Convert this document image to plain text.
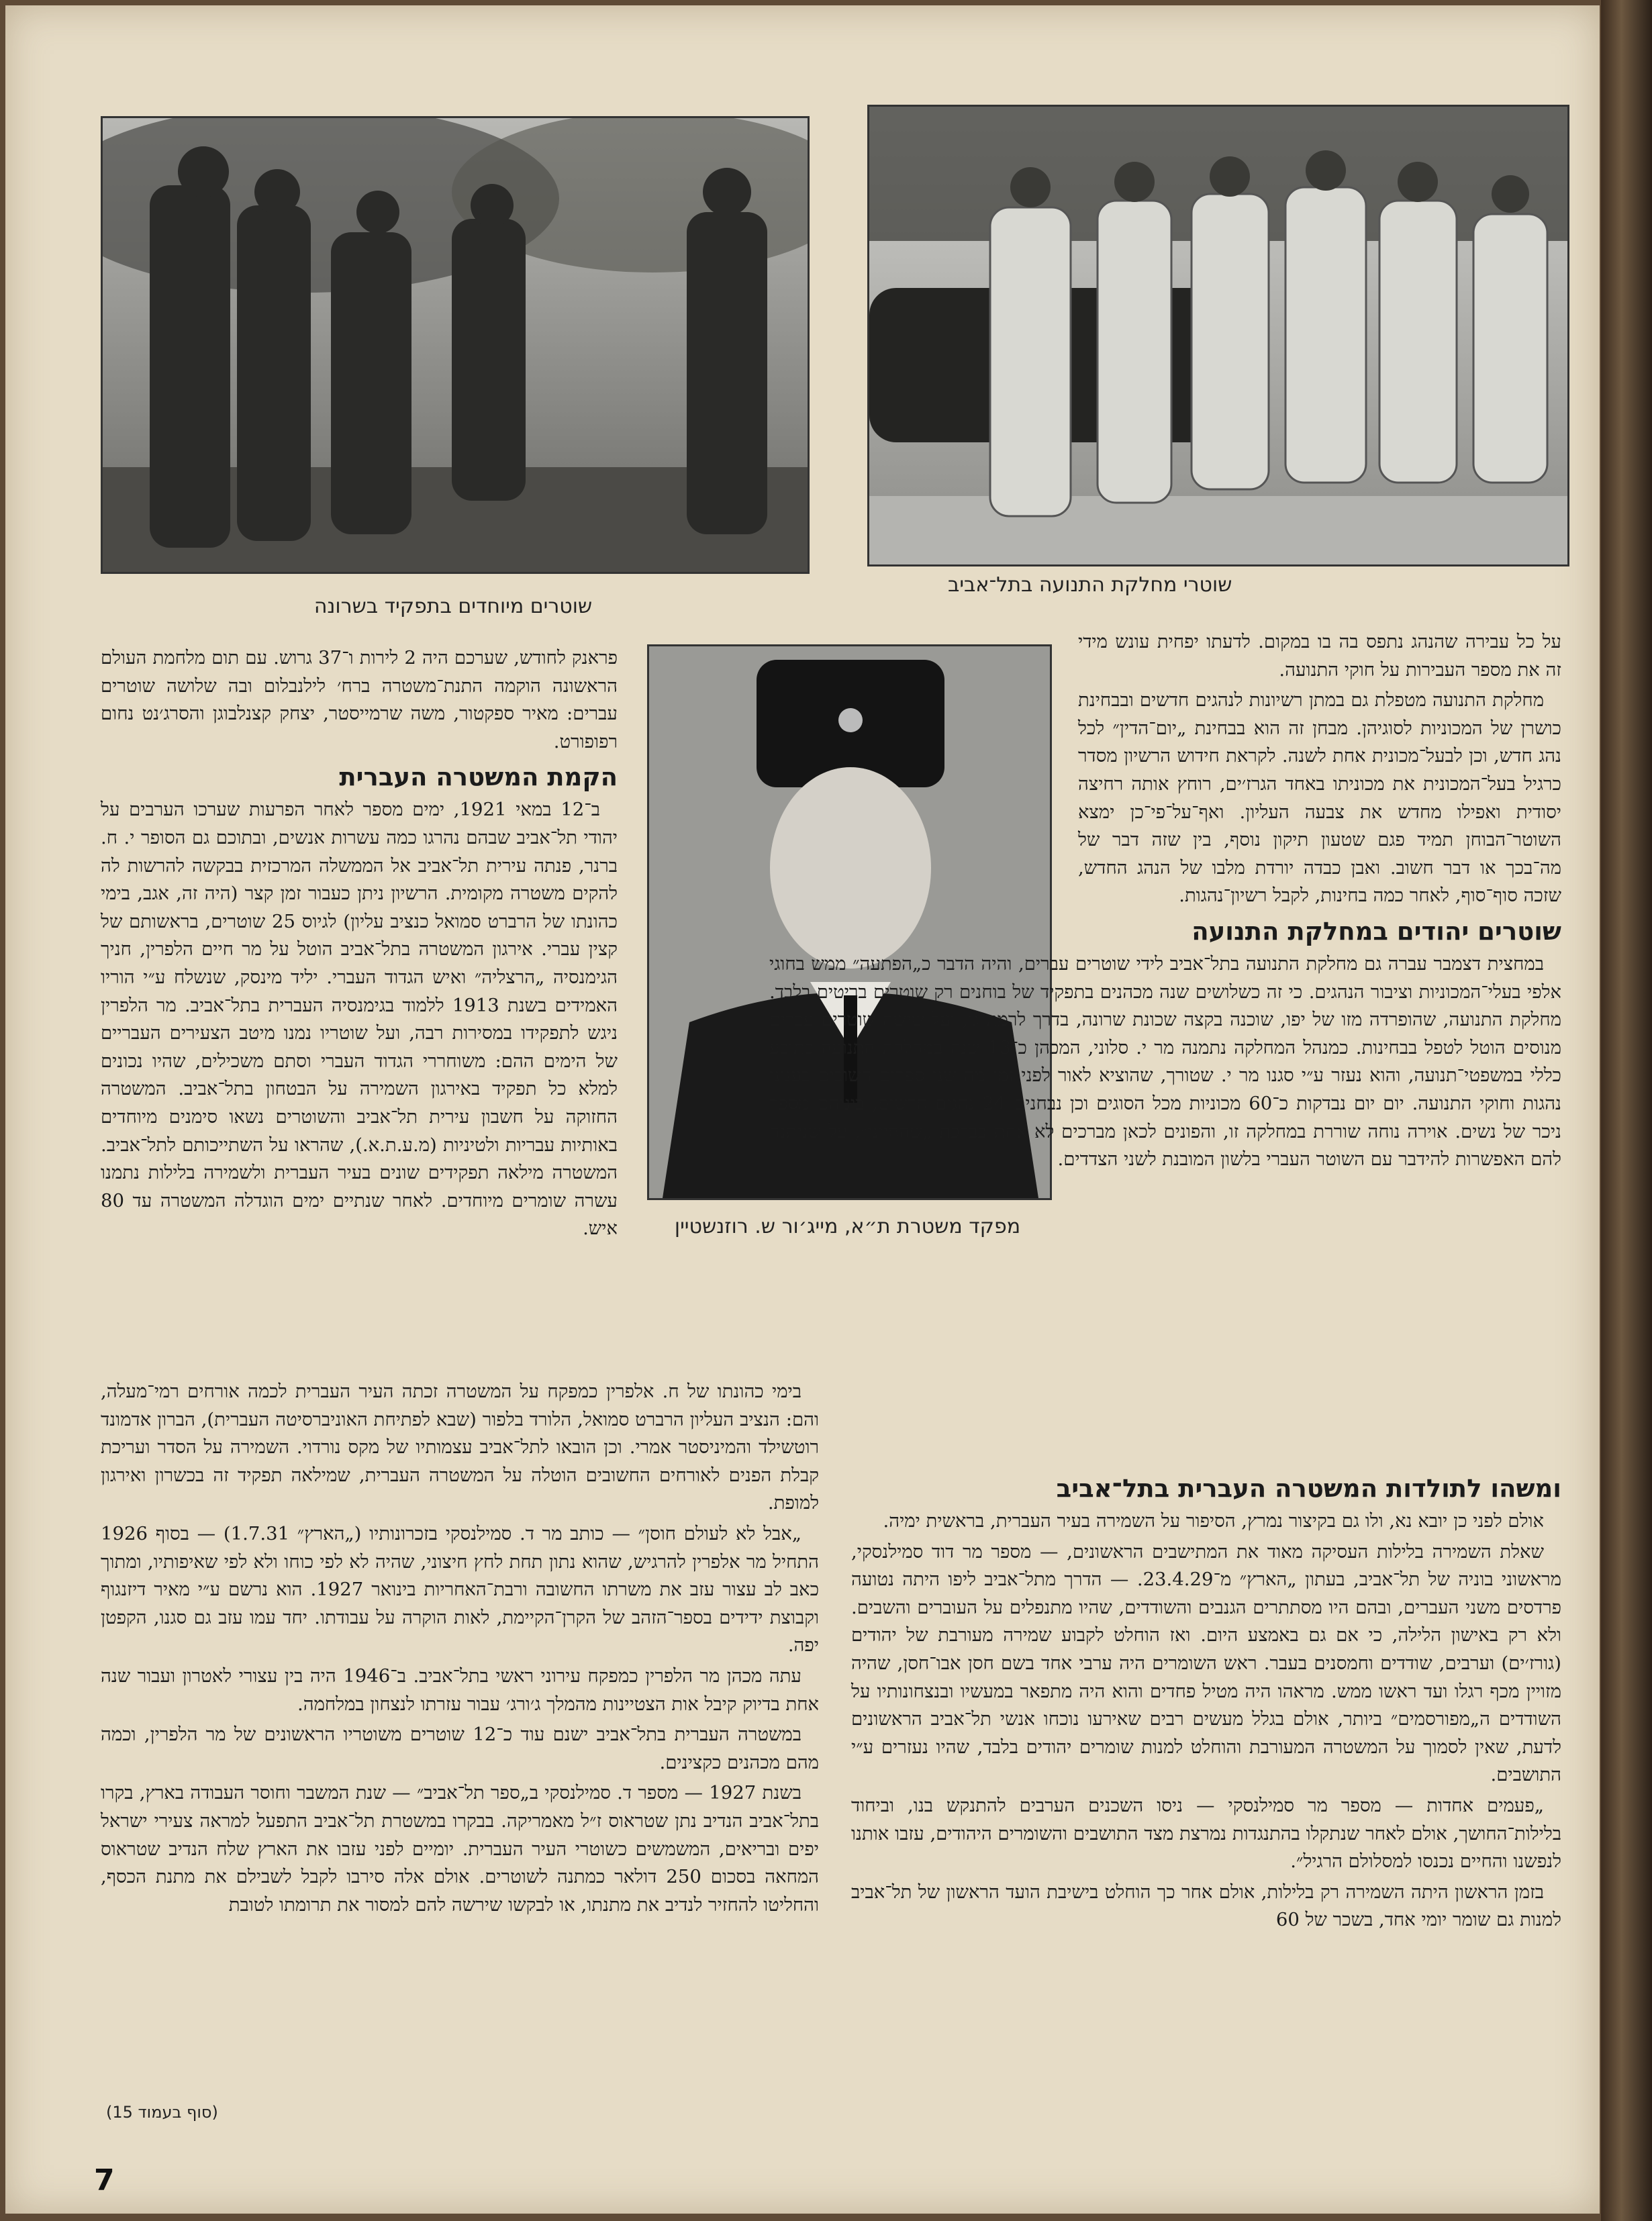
שוטרים מיוחדים בתפקיד בשרונה
שוטרי מחלקת התנועה בתל־אביב
מפקד משטרת ת״א, מייג׳ור ש. רוזנשטיין

על כל עבירה שהנהג נתפס בה בו במקום. לדעתו יפחית עונש מידי זה את מספר העבירות על חוקי התנועה.

מחלקת התנועה מטפלת גם במתן רשיונות לנהגים חדשים ובבחינת כושרן של המכוניות לסוגיהן. מבחן זה הוא בבחינת „יום־הדין״ לכל נהג חדש, וכן לבעל־מכונית אחת לשנה. לקראת חידוש הרשיון מסדר כרגיל בעל־המכונית את מכוניתו באחד הגרז׳ים, רוחץ אותה רחיצה יסודית ואפילו מחדש את צבעה העליון. ואף־על־פי־כן ימצא השוטר־הבוחן תמיד פגם שטעון תיקון נוסף, בין שזה דבר של מה־בכך או דבר חשוב. ואבן כבדה יורדת מלבו של הנהג החדש, שזכה סוף־סוף, לאחר כמה בחינות, לקבל רשיון־נהגות.

שוטרים יהודים במחלקת התנועה

במחצית דצמבר עברה גם מחלקת התנועה בתל־אביב לידי שוטרים עברים, והיה הדבר כ„הפתעה״ ממש בחוגי אלפי בעלי־המכוניות וציבור הנהגים. כי זה כשלושים שנה מכהנים בתפקיד של בוחנים רק שוטרים בריטים בלבד. מחלקת התנועה, שהופרדה מזו של יפו, שוכנה בקצה שכונת שרונה, בדרך לרמת־גן, ועל שישה שוטרים עברים מנוסים הוטל לטפל בבחינות. כמנהל המחלקה נתמנה מר י. סלוני, המכהן כ־13 שנה במחלקת התנועה כתובע כללי במשפטי־תנועה, והוא נעזר ע״י סגנו מר י. שטורך, שהוציא לאור לפני זמן מה שני ספרים חשובים בעניני נהגות וחוקי התנועה. יום יום נבדקות כ־60 מכוניות מכל הסוגים וכן נבחנים 24 נהגים חדשים, ביניהם מספר ניכר של נשים. אוירה נוחה שוררת במחלקה זו, והפונים לכאן מברכים לא אחת בברכת „שהחיינו״, על שניתנה להם האפשרות להידבר עם השוטר העברי בלשון המובנת לשני הצדדים.

ומשהו לתולדות המשטרה העברית בתל־אביב

אולם לפני כן יובא נא, ולו גם בקיצור נמרץ, הסיפור על השמירה בעיר העברית, בראשית ימיה.

שאלת השמירה בלילות העסיקה מאוד את המתישבים הראשונים, — מספר מר דוד סמילנסקי, מראשוני בוניה של תל־אביב, בעתון „הארץ״ מ־23.4.29. — הדרך מתל־אביב ליפו היתה נטועה פרדסים משני העברים, ובהם היו מסתתרים הגנבים והשודדים, שהיו מתנפלים על העוברים והשבים. ולא רק באישון הלילה, כי אם גם באמצע היום. ואז הוחלט לקבוע שמירה מעורבת של יהודים (גורז׳ים) וערבים, שודדים וחמסנים בעבר. ראש השומרים היה ערבי אחד בשם חסן אבו־חסן, שהיה מזויין מכף רגלו ועד ראשו ממש. מראהו היה מטיל פחדים והוא היה מתפאר במעשיו ובנצחונותיו על השודדים ה„מפורסמים״ ביותר, אולם בגלל מעשים רבים שאירעו נוכחו אנשי תל־אביב הראשונים לדעת, שאין לסמוך על המשטרה המעורבת והוחלט למנות שומרים יהודים בלבד, שהיו נעזרים ע״י התושבים.

„פעמים אחדות — מספר מר סמילנסקי — ניסו השכנים הערבים להתנקש בנו, וביחוד בלילות־החושך, אולם לאחר שנתקלו בהתנגדות נמרצת מצד התושבים והשומרים היהודים, עזבו אותנו לנפשנו והחיים נכנסו למסלולם הרגיל״.

בזמן הראשון היתה השמירה רק בלילות, אולם אחר כך הוחלט בישיבת הועד הראשון של תל־אביב למנות גם שומר יומי אחד, בשכר של 60

פראנק לחודש, שערכם היה 2 לירות ו־37 גרוש. עם תום מלחמת העולם הראשונה הוקמה התנת־משטרה ברח׳ לילנבלום ובה שלושה שוטרים עברים: מאיר ספקטור, משה שרמייסטר, יצחק קצנלבוגן והסרג׳נט נחום רפופורט.

הקמת המשטרה העברית

ב־12 במאי 1921, ימים מספר לאחר הפרעות שערכו הערבים על יהודי תל־אביב שבהם נהרגו כמה עשרות אנשים, ובתוכם גם הסופר י. ח. ברנר, פנתה עירית תל־אביב אל הממשלה המרכזית בבקשה להרשות לה להקים משטרה מקומית. הרשיון ניתן כעבור זמן קצר (היה זה, אגב, בימי כהונתו של הרברט סמואל כנציב עליון) לגיוס 25 שוטרים, בראשותם של קצין עברי. אירגון המשטרה בתל־אביב הוטל על מר חיים הלפרין, חניך הגימנסיה „הרצליה״ ואיש הגדוד העברי. יליד מינסק, שנשלח ע״י הוריו האמידים בשנת 1913 ללמוד בגימנסיה העברית בתל־אביב. מר הלפרין ניגש לתפקידו במסירות רבה, ועל שוטריו נמנו מיטב הצעירים העבריים של הימים ההם: משוחררי הגדוד העברי וסתם משכילים, שהיו נכונים למלא כל תפקיד באירגון השמירה על הבטחון בתל־אביב. המשטרה החזוקה על חשבון עירית תל־אביב והשוטרים נשאו סימנים מיוחדים באותיות עבריות ולטיניות (מ.ע.ת.א.), שהראו על השתייכותם לתל־אביב. המשטרה מילאה תפקידים שונים בעיר העברית ולשמירה בלילות נתמנו עשרה שומרים מיוחדים. לאחר שנתיים ימים הוגדלה המשטרה עד 80 איש.

בימי כהונתו של ח. אלפרין כמפקח על המשטרה זכתה העיר העברית לכמה אורחים רמי־מעלה, והם: הנציב העליון הרברט סמואל, הלורד בלפור (שבא לפתיחת האוניברסיטה העברית), הברון אדמונד רוטשילד והמיניסטר אמרי. וכן הובאו לתל־אביב עצמותיו של מקס נורדוי. השמירה על הסדר ועריכת קבלת הפנים לאורחים החשובים הוטלה על המשטרה העברית, שמילאה תפקיד זה בכשרון ואירגון למופת.

„אבל לא לעולם חוסן״ — כותב מר ד. סמילנסקי בזכרונותיו („הארץ״ 1.7.31) — בסוף 1926 התחיל מר אלפרין להרגיש, שהוא נתון תחת לחץ חיצוני, שהיה לא לפי כוחו ולא לפי שאיפותיו, ומתוך כאב לב עצור עזב את משרתו החשובה ורבת־האחריות בינואר 1927. הוא נרשם ע״י מאיר דיזנגוף וקבוצת ידידים בספר־הזהב של הקרן־הקיימת, לאות הוקרה על עבודתו. יחד עמו עזב גם סגנו, הקפטן יפה.

עתה מכהן מר הלפרין כמפקח עירוני ראשי בתל־אביב. ב־1946 היה בין עצורי לאטרון ועבור שנה אחת בדיוק קיבל אות הצטיינות מהמלך ג׳ורג׳ עבור עזרתו לנצחון במלחמה.

במשטרה העברית בתל־אביב ישנם עוד כ־12 שוטרים משוטריו הראשונים של מר הלפרין, וכמה מהם מכהנים כקצינים.

בשנת 1927 — מספר ד. סמילנסקי ב„ספר תל־אביב״ — שנת המשבר וחוסר העבודה בארץ, בקרו בתל־אביב הנדיב נתן שטראוס ז״ל מאמריקה. בבקרו במשטרת תל־אביב התפעל למראה צעירי ישראל יפים ובריאים, המשמשים כשוטרי העיר העברית. יומיים לפני עזבו את הארץ שלח הנדיב שטראוס המחאה בסכום 250 דולאר כמתנה לשוטרים. אולם אלה סירבו לקבל לשבילם את מתנת הכסף, והחליטו להחזיר לנדיב את מתנתו, או לבקשו שירשה להם למסור את תרומתו לטובת

(סוף בעמוד 15)
7
